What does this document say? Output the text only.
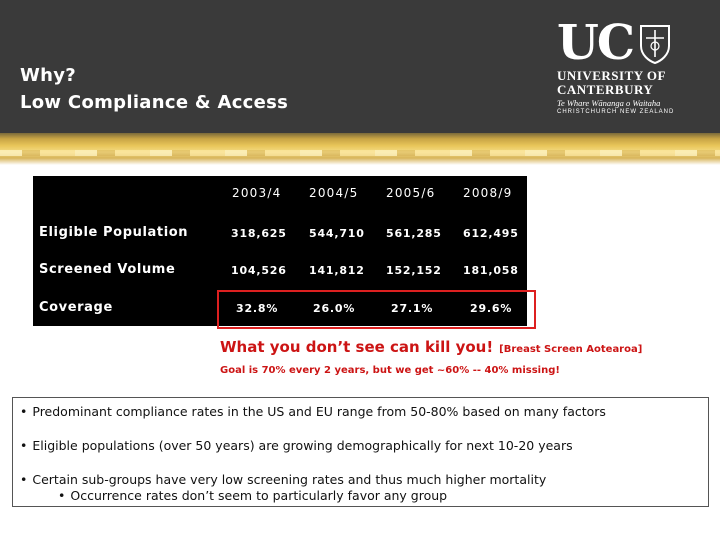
Why?
Low Compliance & Access
UC
UNIVERSITY OF
CANTERBURY
Te Whare Wānanga o Waitaha
CHRISTCHURCH NEW ZEALAND
2003/4 2004/5 2005/6 2008/9
Eligible Population	318,625 544,710 561,285 612,495
Screened Volume	104,526 141,812 152,152 181,058
Coverage	32.8%	26.0%	27.1%	29.6%
What you don’t see can kill you! [Breast Screen Aotearoa]
Goal is 70% every 2 years, but we get ~60% -- 40% missing!
• Predominant compliance rates in the US and EU range from 50-80% based on many factors
• Eligible populations (over 50 years) are growing demographically for next 10-20 years
• Certain sub-groups have very low screening rates and thus much higher mortality
• Occurrence rates don’t seem to particularly favor any group
